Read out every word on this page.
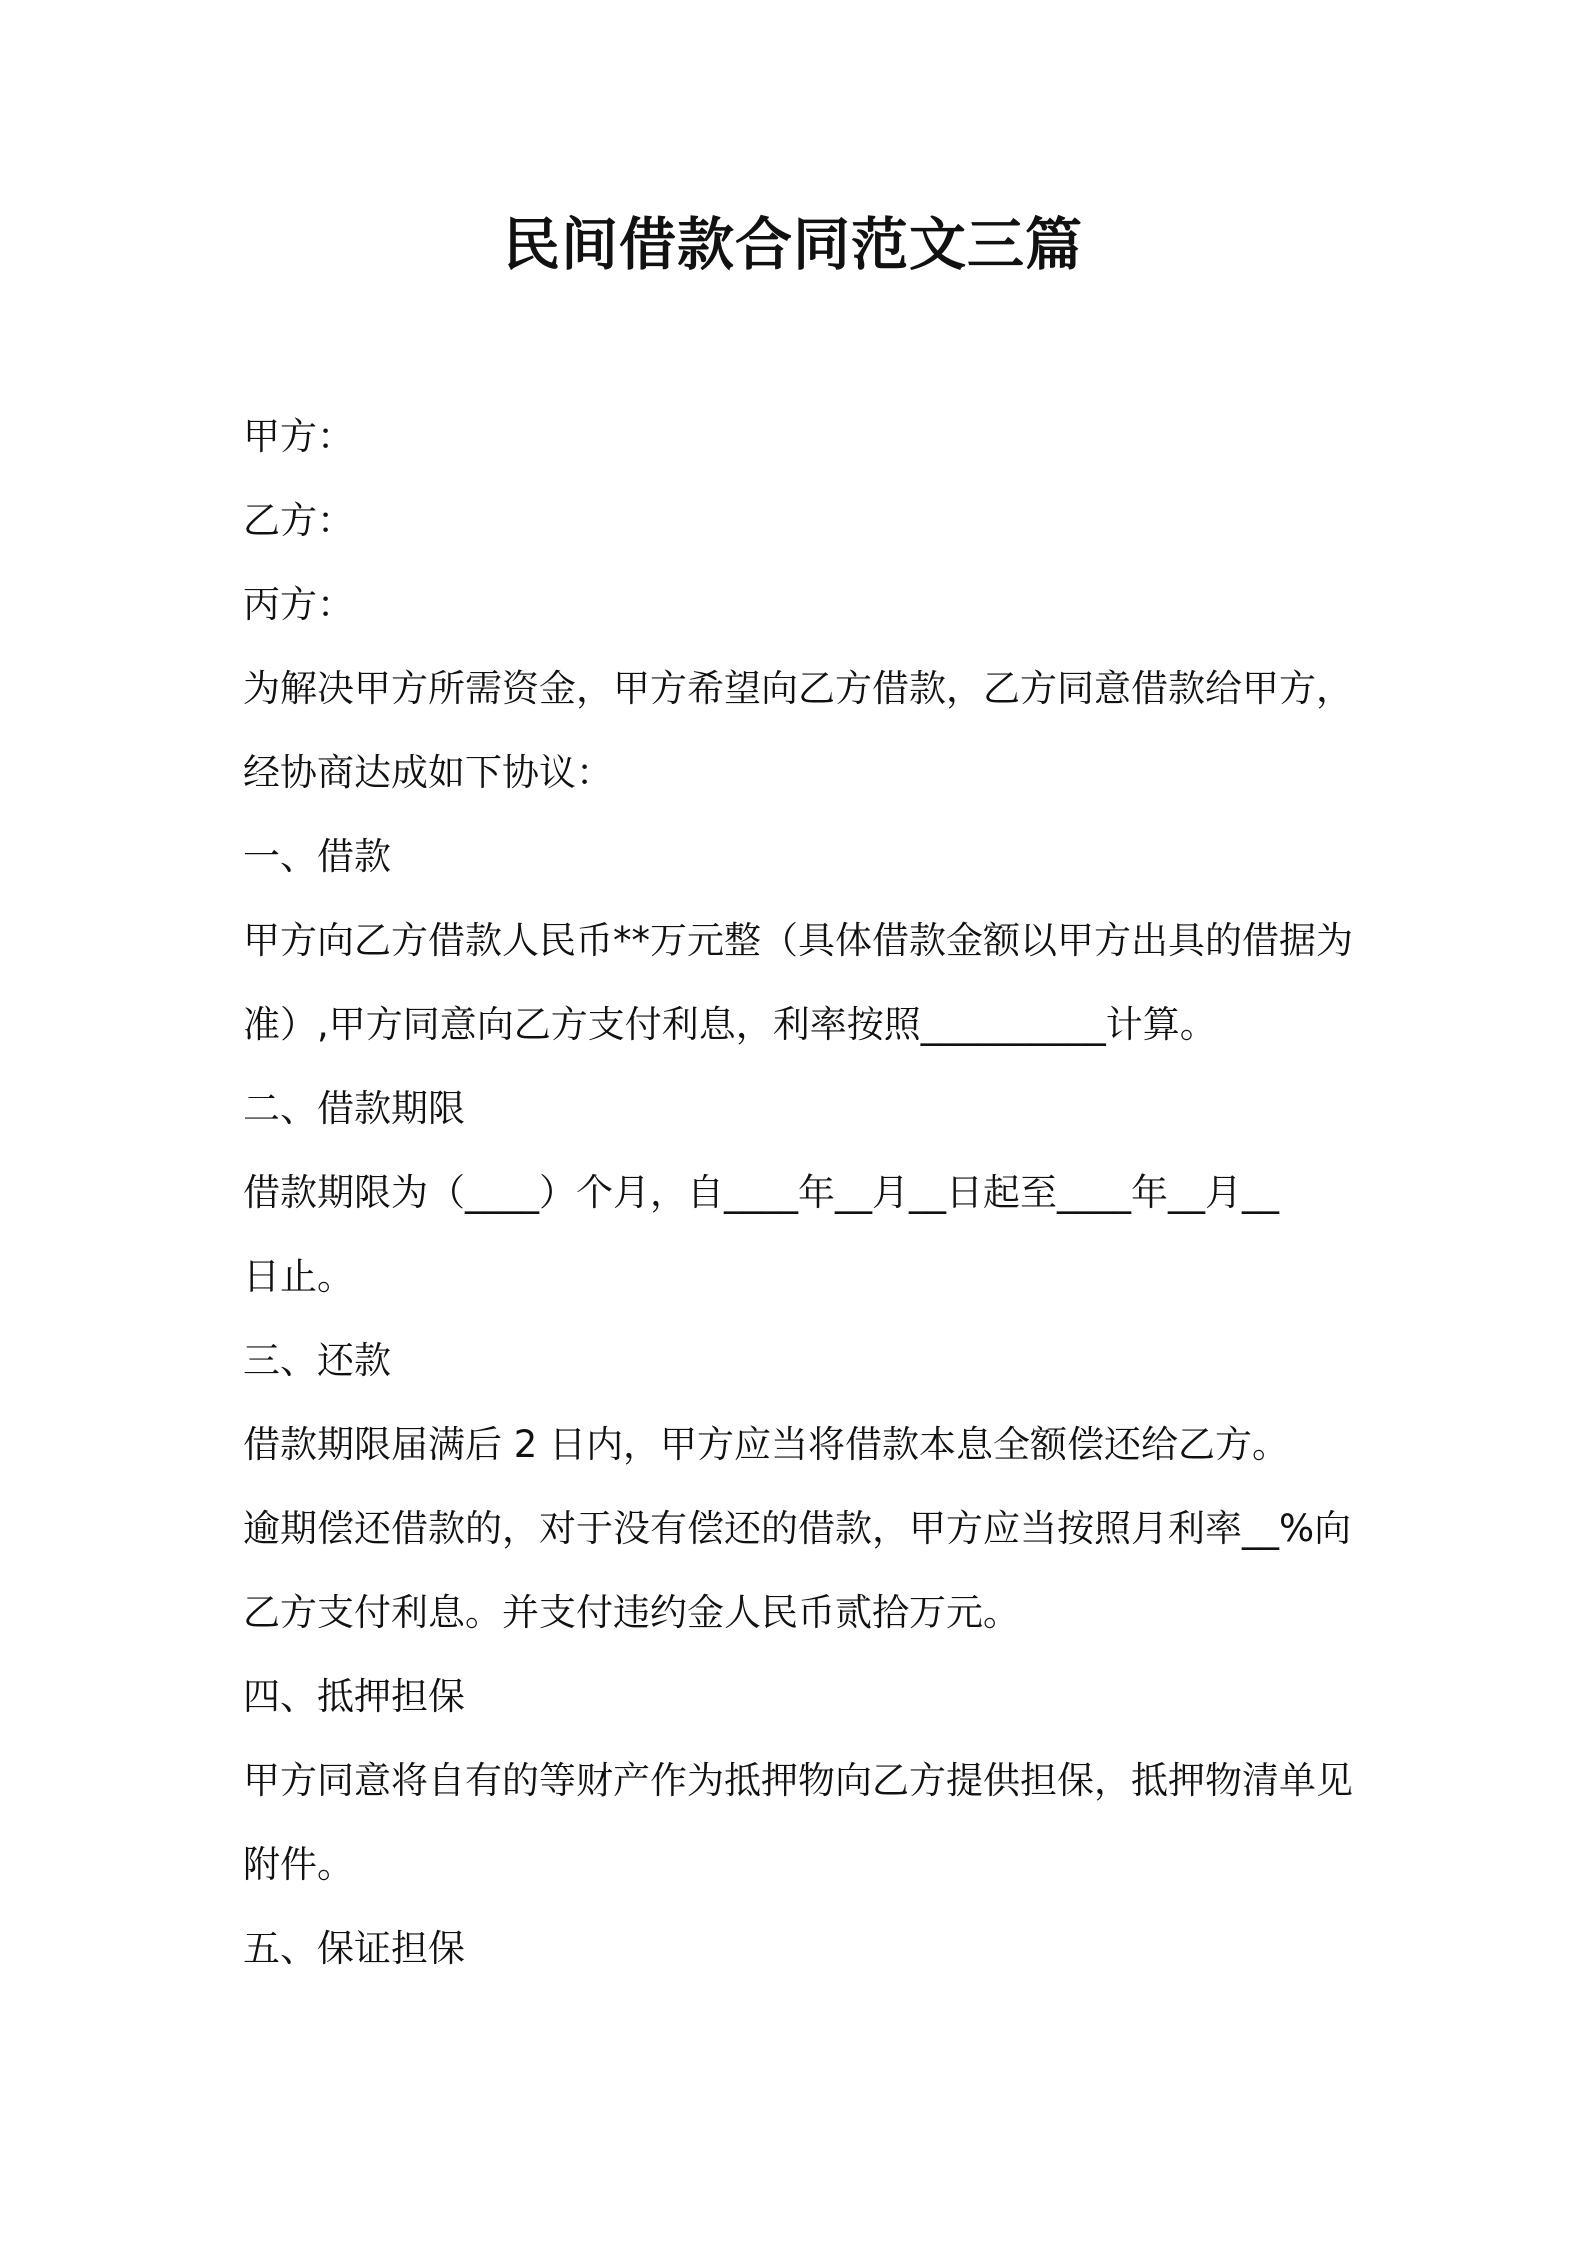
民间借款合同范文三篇

甲方：

乙方：

丙方：

为解决甲方所需资金，甲方希望向乙方借款，乙方同意借款给甲方，

经协商达成如下协议：

一、借款

甲方向乙方借款人民币**万元整（具体借款金额以甲方出具的借据为

准）,甲方同意向乙方支付利息，利率按照__________计算。

二、借款期限

借款期限为（____）个月，自____年__月__日起至____年__月__

日止。

三、还款

借款期限届满后 2 日内，甲方应当将借款本息全额偿还给乙方。

逾期偿还借款的，对于没有偿还的借款，甲方应当按照月利率__%向

乙方支付利息。并支付违约金人民币贰拾万元。

四、抵押担保

甲方同意将自有的等财产作为抵押物向乙方提供担保，抵押物清单见

附件。

五、保证担保
